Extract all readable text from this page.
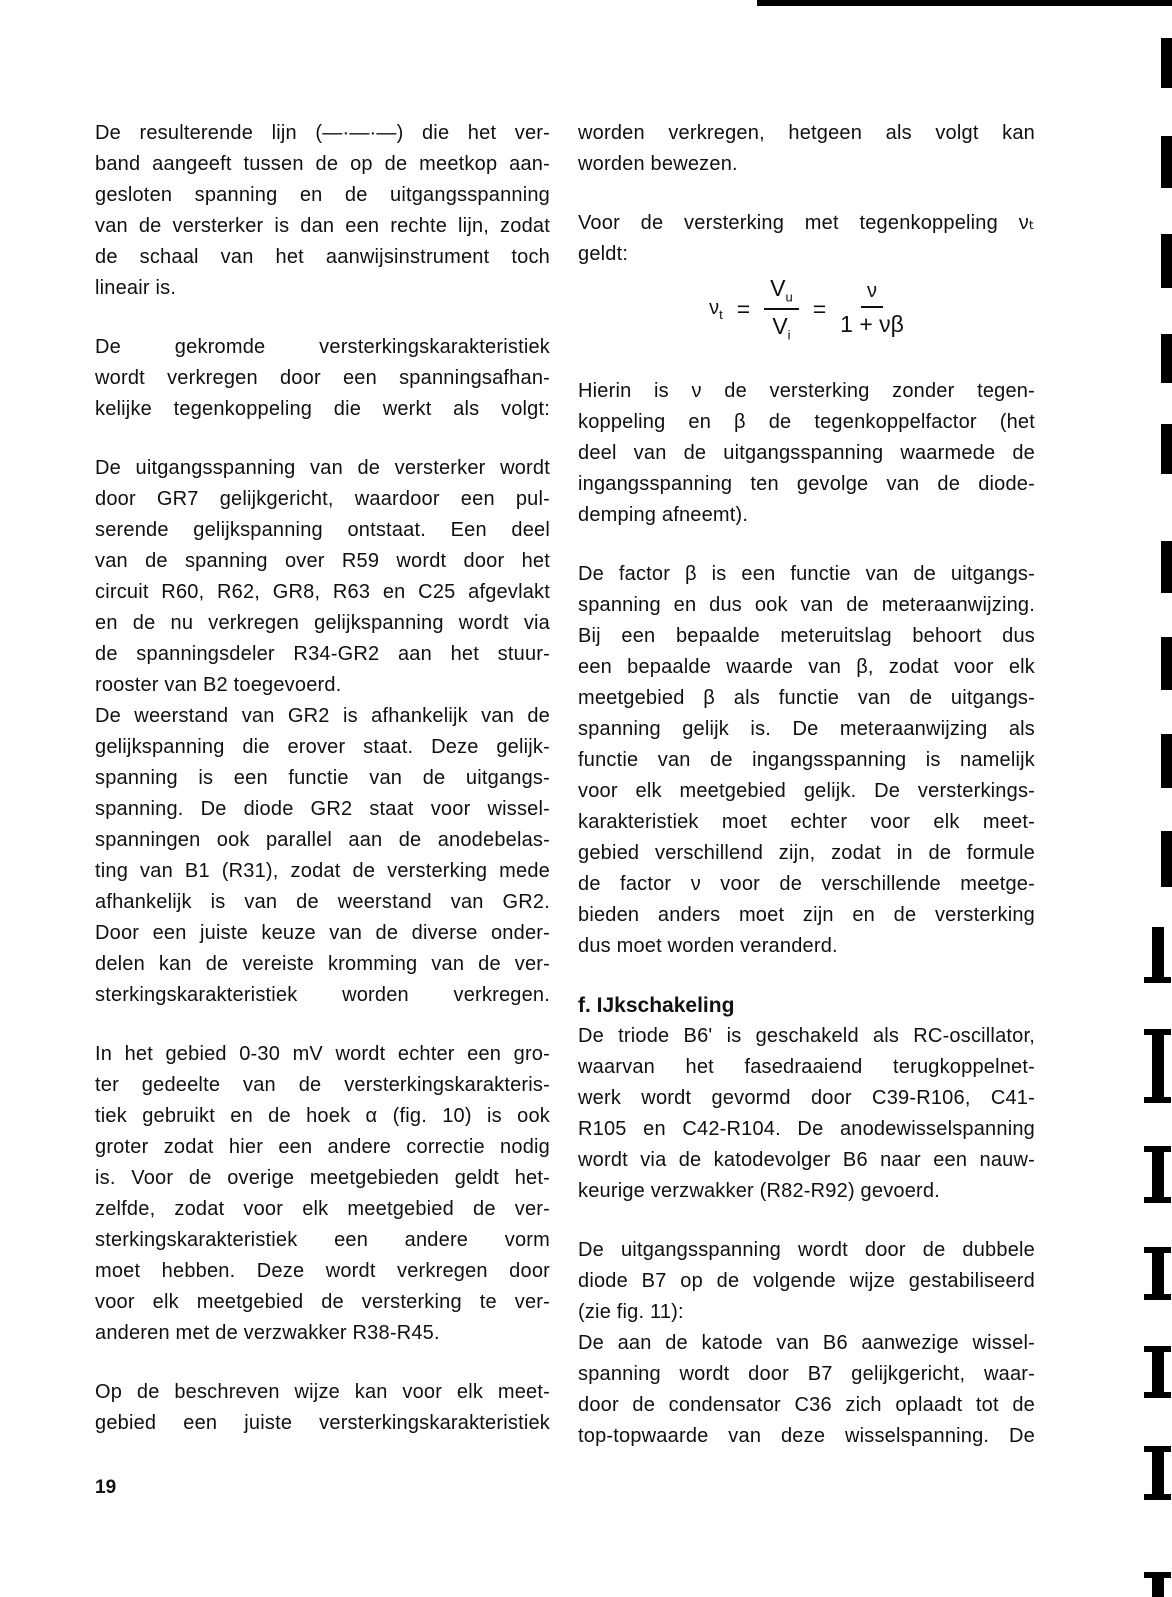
De resulterende lijn (—·—·—) die het ver-
band aangeeft tussen de op de meetkop aan-
gesloten spanning en de uitgangsspanning
van de versterker is dan een rechte lijn, zodat
de schaal van het aanwijsinstrument toch
lineair is.
De gekromde versterkingskarakteristiek
wordt verkregen door een spanningsafhan-
kelijke tegenkoppeling die werkt als volgt:
De uitgangsspanning van de versterker wordt
door GR7 gelijkgericht, waardoor een pul-
serende gelijkspanning ontstaat. Een deel
van de spanning over R59 wordt door het
circuit R60, R62, GR8, R63 en C25 afgevlakt
en de nu verkregen gelijkspanning wordt via
de spanningsdeler R34-GR2 aan het stuur-
rooster van B2 toegevoerd.
De weerstand van GR2 is afhankelijk van de
gelijkspanning die erover staat. Deze gelijk-
spanning is een functie van de uitgangs-
spanning. De diode GR2 staat voor wissel-
spanningen ook parallel aan de anodebelas-
ting van B1 (R31), zodat de versterking mede
afhankelijk is van de weerstand van GR2.
Door een juiste keuze van de diverse onder-
delen kan de vereiste kromming van de ver-
sterkingskarakteristiek worden verkregen.
In het gebied 0-30 mV wordt echter een gro-
ter gedeelte van de versterkingskarakteris-
tiek gebruikt en de hoek α (fig. 10) is ook
groter zodat hier een andere correctie nodig
is. Voor de overige meetgebieden geldt het-
zelfde, zodat voor elk meetgebied de ver-
sterkingskarakteristiek een andere vorm
moet hebben. Deze wordt verkregen door
voor elk meetgebied de versterking te ver-
anderen met de verzwakker R38-R45.
Op de beschreven wijze kan voor elk meet-
gebied een juiste versterkingskarakteristiek
worden verkregen, hetgeen als volgt kan
worden bewezen.
Voor de versterking met tegenkoppeling νₜ
geldt:
$\nu_t = \frac{V_u}{V_i} = \frac{\nu}{1 + \nu\beta}$
Hierin is ν de versterking zonder tegen-
koppeling en β de tegenkoppelfactor (het
deel van de uitgangsspanning waarmede de
ingangsspanning ten gevolge van de diode-
demping afneemt).
De factor β is een functie van de uitgangs-
spanning en dus ook van de meteraanwijzing.
Bij een bepaalde meteruitslag behoort dus
een bepaalde waarde van β, zodat voor elk
meetgebied β als functie van de uitgangs-
spanning gelijk is. De meteraanwijzing als
functie van de ingangsspanning is namelijk
voor elk meetgebied gelijk. De versterkings-
karakteristiek moet echter voor elk meet-
gebied verschillend zijn, zodat in de formule
de factor ν voor de verschillende meetge-
bieden anders moet zijn en de versterking
dus moet worden veranderd.
f. IJkschakeling
De triode B6' is geschakeld als RC-oscillator,
waarvan het fasedraaiend terugkoppelnet-
werk wordt gevormd door C39-R106, C41-
R105 en C42-R104. De anodewisselspanning
wordt via de katodevolger B6 naar een nauw-
keurige verzwakker (R82-R92) gevoerd.
De uitgangsspanning wordt door de dubbele
diode B7 op de volgende wijze gestabiliseerd
(zie fig. 11):
De aan de katode van B6 aanwezige wissel-
spanning wordt door B7 gelijkgericht, waar-
door de condensator C36 zich oplaadt tot de
top-topwaarde van deze wisselspanning. De
19
